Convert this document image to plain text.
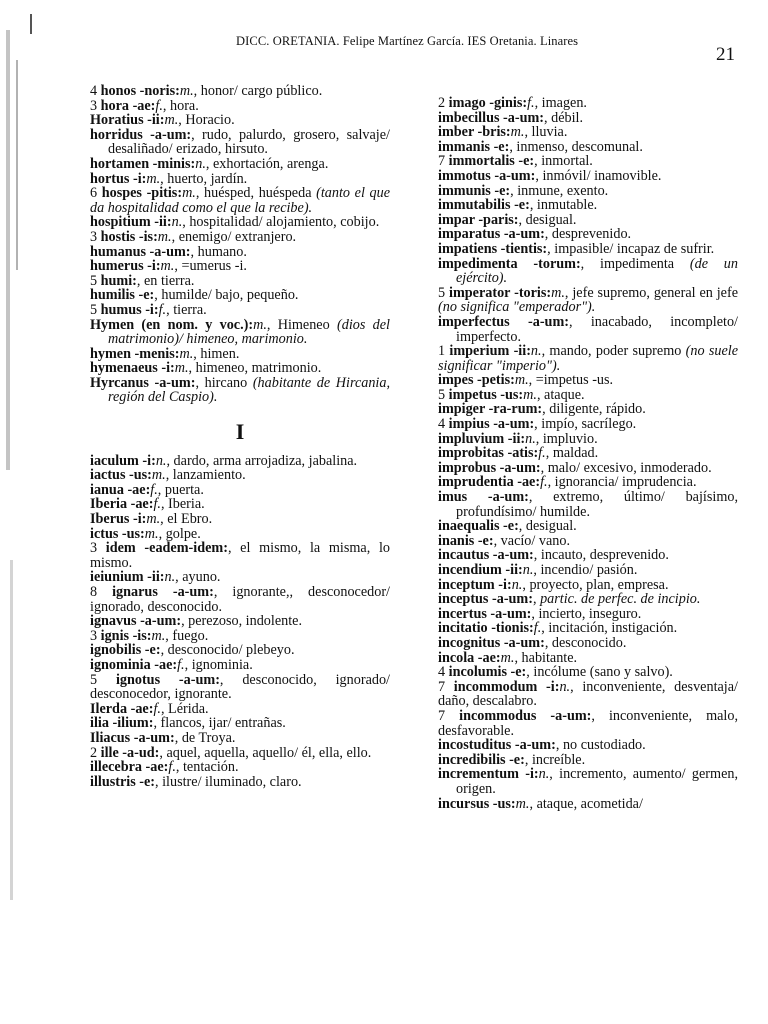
DICC. ORETANIA. Felipe Martínez García. IES Oretania. Linares
21

4 honos -noris:m., honor/ cargo público.

3 hora -ae:f., hora.

Horatius -ii:m., Horacio.

horridus -a-um:, rudo, palurdo, grosero, salvaje/ desaliñado/ erizado, hirsuto.

hortamen -minis:n., exhortación, arenga.

hortus -i:m., huerto, jardín.

6 hospes -pitis:m., huésped, huéspeda (tanto el que da hospitalidad como el que la recibe).

hospitium -ii:n., hospitalidad/ alojamiento, cobijo.

3 hostis -is:m., enemigo/ extranjero.

humanus -a-um:, humano.

humerus -i:m., =umerus -i.

5 humi:, en tierra.

humilis -e:, humilde/ bajo, pequeño.

5 humus -i:f., tierra.

Hymen (en nom. y voc.):m., Himeneo (dios del matrimonio)/ himeneo, marimonio.

hymen -menis:m., himen.

hymenaeus -i:m., himeneo, matrimonio.

Hyrcanus -a-um:, hircano (habitante de Hircania, región del Caspio).

I

iaculum -i:n., dardo, arma arrojadiza, jabalina.

iactus -us:m., lanzamiento.

ianua -ae:f., puerta.

Iberia -ae:f., Iberia.

Iberus -i:m., el Ebro.

ictus -us:m., golpe.

3 idem -eadem-idem:, el mismo, la misma, lo mismo.

ieiunium -ii:n., ayuno.

8 ignarus -a-um:, ignorante,, desconocedor/ ignorado, desconocido.

ignavus -a-um:, perezoso, indolente.

3 ignis -is:m., fuego.

ignobilis -e:, desconocido/ plebeyo.

ignominia -ae:f., ignominia.

5 ignotus -a-um:, desconocido, ignorado/ desconocedor, ignorante.

Ilerda -ae:f., Lérida.

ilia -ilium:, flancos, ijar/ entrañas.

Iliacus -a-um:, de Troya.

2 ille -a-ud:, aquel, aquella, aquello/ él, ella, ello.

illecebra -ae:f., tentación.

illustris -e:, ilustre/ iluminado, claro.

2 imago -ginis:f., imagen.

imbecillus -a-um:, débil.

imber -bris:m., lluvia.

immanis -e:, inmenso, descomunal.

7 immortalis -e:, inmortal.

immotus -a-um:, inmóvil/ inamovible.

immunis -e:, inmune, exento.

immutabilis -e:, inmutable.

impar -paris:, desigual.

imparatus -a-um:, desprevenido.

impatiens -tientis:, impasible/ incapaz de sufrir.

impedimenta -torum:, impedimenta (de un ejército).

5 imperator -toris:m., jefe supremo, general en jefe (no significa "emperador").

imperfectus -a-um:, inacabado, incompleto/ imperfecto.

1 imperium -ii:n., mando, poder supremo (no suele significar "imperio").

impes -petis:m., =impetus -us.

5 impetus -us:m., ataque.

impiger -ra-rum:, diligente, rápido.

4 impius -a-um:, impío, sacrílego.

impluvium -ii:n., impluvio.

improbitas -atis:f., maldad.

improbus -a-um:, malo/ excesivo, inmoderado.

imprudentia -ae:f., ignorancia/ imprudencia.

imus -a-um:, extremo, último/ bajísimo, profundísimo/ humilde.

inaequalis -e:, desigual.

inanis -e:, vacío/ vano.

incautus -a-um:, incauto, desprevenido.

incendium -ii:n., incendio/ pasión.

inceptum -i:n., proyecto, plan, empresa.

inceptus -a-um:, partic. de perfec. de incipio.

incertus -a-um:, incierto, inseguro.

incitatio -tionis:f., incitación, instigación.

incognitus -a-um:, desconocido.

incola -ae:m., habitante.

4 incolumis -e:, incólume (sano y salvo).

7 incommodum -i:n., inconveniente, desventaja/ daño, descalabro.

7 incommodus -a-um:, inconveniente, malo, desfavorable.

incostuditus -a-um:, no custodiado.

incredibilis -e:, increíble.

incrementum -i:n., incremento, aumento/ germen, origen.

incursus -us:m., ataque, acometida/
